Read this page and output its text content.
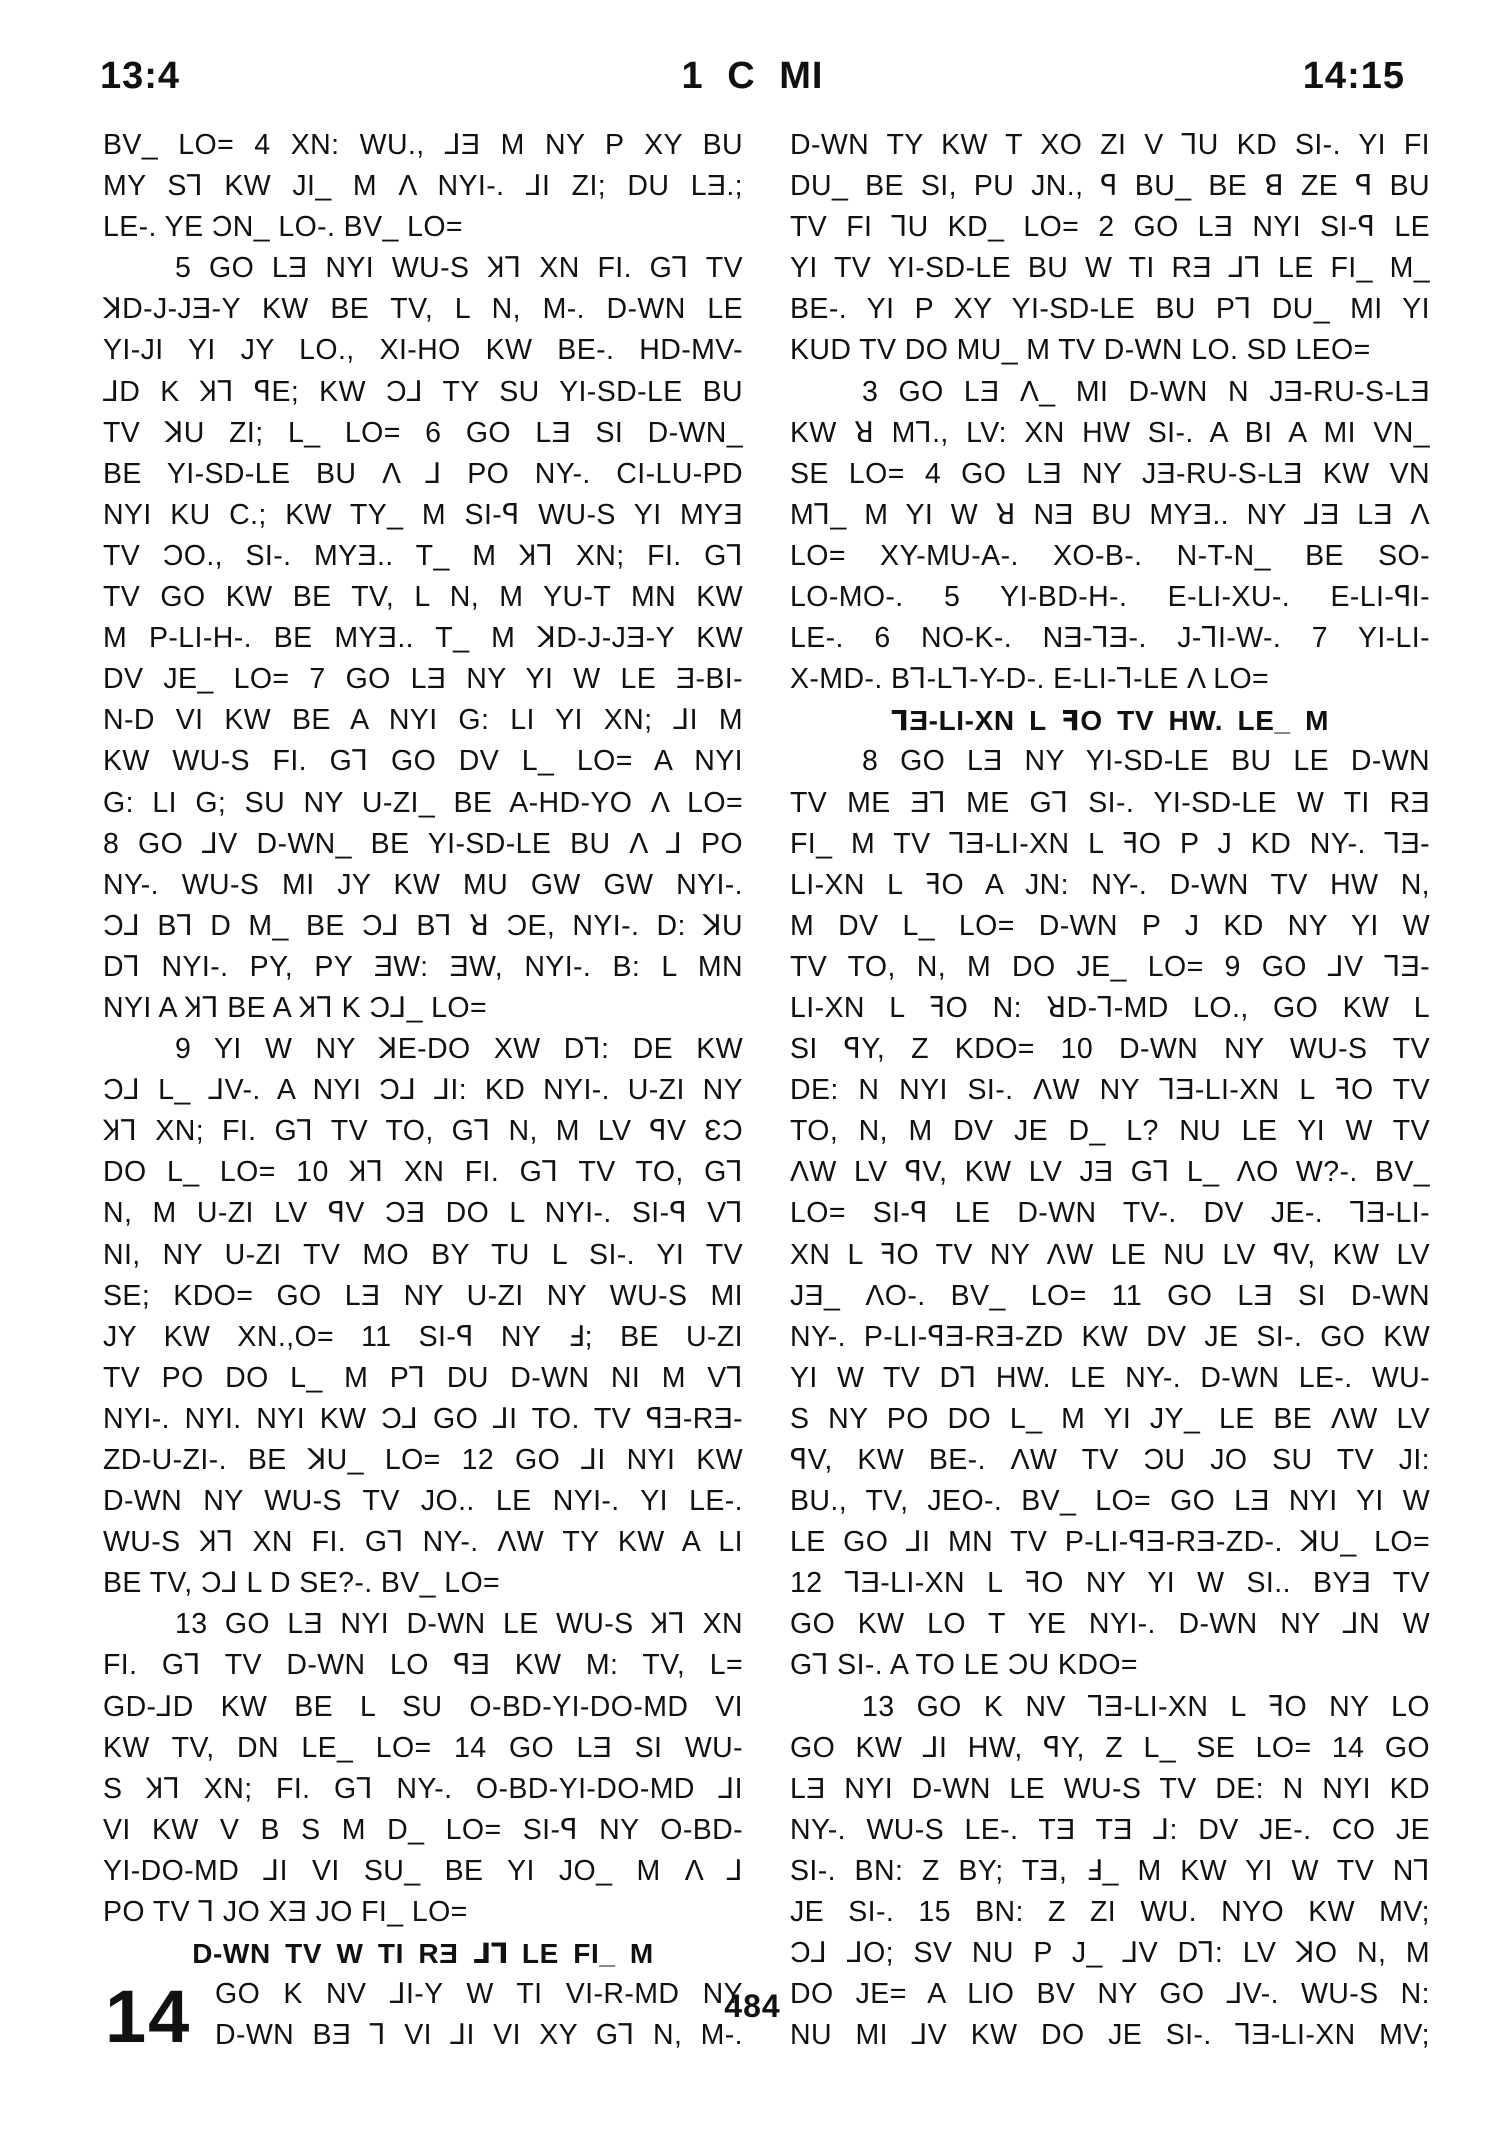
13:4	1 C MI	14:15
BV_ LO= 4 XN: WU., ⅃Ǝ M NY P XY BU
MY S⅂ KW JI_ M Λ NYI-. ⅃I ZI; DU LƎ.;
LE-. YE ƆN_ LO-. BV_ LO=
5 GO LƎ NYI WU-S Ʞ⅂ XN FI. G⅂ TV
ꓘD-J-JƎ-Y KW BE TV, L N, M-. D-WN LE
YI-JI YI JY LO., XI-HO KW BE-. HD-MV-
⅃D K Ʞ⅂ ꟼE; KW Ɔ⅃ TY SU YI-SD-LE BU
TV ꓘU ZI; L_ LO= 6 GO LƎ SI D-WN_
BE YI-SD-LE BU Λ ⅃ PO NY-. CI-LU-PD
NYI KU C.; KW TY_ M SI-ꟼ WU-S YI MYƎ
TV ƆO., SI-. MYƎ.. T_ M Ʞ⅂ XN; FI. G⅂
TV GO KW BE TV, L N, M YU-T MN KW
M P-LI-H-. BE MYƎ.. T_ M ꓘD-J-JƎ-Y KW
DV JE_ LO= 7 GO LƎ NY YI W LE Ǝ-BI-
N-D VI KW BE A NYI G: LI YI XN; ⅃I M
KW WU-S FI. G⅂ GO DV L_ LO= A NYI
G: LI G; SU NY U-ZI_ BE A-HD-YO Λ LO=
8 GO ⅃V D-WN_ BE YI-SD-LE BU Λ ⅃ PO
NY-. WU-S MI JY KW MU GW GW NYI-.
Ɔ⅃ B⅂ D M_ BE Ɔ⅃ B⅂ ꓤ ƆE, NYI-. D: ꓘU
D⅂ NYI-. PY, PY ƎW: ƎW, NYI-. B: L MN
NYI A Ʞ⅂ BE A Ʞ⅂ K Ɔ⅃_ LO=
9 YI W NY ꓘE-DO XW D⅂: DE KW
Ɔ⅃ L_ ⅃V-. A NYI Ɔ⅃ ⅃I: KD NYI-. U-ZI NY
Ʞ⅂ XN; FI. G⅂ TV TO, G⅂ N, M LV ꟼV ƐƆ
DO L_ LO= 10 Ʞ⅂ XN FI. G⅂ TV TO, G⅂
N, M U-ZI LV ꟼV ƆƎ DO L NYI-. SI-ꟼ V⅂
NI, NY U-ZI TV MO BY TU L SI-. YI TV
SE; KDO= GO LƎ NY U-ZI NY WU-S MI
JY KW XN.,O= 11 SI-ꟼ NY Ⅎ; BE U-ZI
TV PO DO L_ M P⅂ DU D-WN NI M V⅂
NYI-. NYI. NYI KW Ɔ⅃ GO ⅃I TO. TV ꟼƎ-RƎ-
ZD-U-ZI-. BE ꓘU_ LO= 12 GO ⅃I NYI KW
D-WN NY WU-S TV JO.. LE NYI-. YI LE-.
WU-S Ʞ⅂ XN FI. G⅂ NY-. ΛW TY KW A LI
BE TV, Ɔ⅃ L D SE?-. BV_ LO=
13 GO LƎ NYI D-WN LE WU-S Ʞ⅂ XN
FI. G⅂ TV D-WN LO ꟼƎ KW M: TV, L=
GD-⅃D KW BE L SU O-BD-YI-DO-MD VI
KW TV, DN LE_ LO= 14 GO LƎ SI WU-
S Ʞ⅂ XN; FI. G⅂ NY-. O-BD-YI-DO-MD ⅃I
VI KW V B S M D_ LO= SI-ꟼ NY O-BD-
YI-DO-MD ⅃I VI SU_ BE YI JO_ M Λ ⅃
PO TV ⅂ JO XƎ JO FI_ LO=
D-WN TV W TI RƎ ⅃⅂ LE FI_ M
14 GO K NV ⅃I-Y W TI VI-R-MD NY
D-WN BƎ ⅂ VI ⅃I VI XY G⅂ N, M-.
D-WN TY KW T XO ZI V ꞀU KD SI-. YI FI
DU_ BE SI, PU JN., ꟼ BU_ BE ꓭ ZE ꟼ BU
TV FI ꞀU KD_ LO= 2 GO LƎ NYI SI-ꟼ LE
YI TV YI-SD-LE BU W TI RƎ ⅃⅂ LE FI_ M_
BE-. YI P XY YI-SD-LE BU P⅂ DU_ MI YI
KUD TV DO MU_ M TV D-WN LO. SD LEO=
3 GO LƎ Λ_ MI D-WN N JƎ-RU-S-LƎ
KW ꓤ M⅂., LV: XN HW SI-. A BI A MI VN_
SE LO= 4 GO LƎ NY JƎ-RU-S-LƎ KW VN
M⅂_ M YI W ꓤ NƎ BU MYƎ.. NY ⅃Ǝ LƎ Λ
LO= XY-MU-A-. XO-B-. N-T-N_ BE SO-
LO-MO-. 5 YI-BD-H-. E-LI-XU-. E-LI-ꟼI-
LE-. 6 NO-K-. NƎ-ꞀƎ-. J-ꞀI-W-. 7 YI-LI-
X-MD-. B⅂-L⅂-Y-D-. E-LI-Ꞁ-LE Λ LO=
ꞀƎ-LI-XN L ꟻO TV HW. LE_ M
8 GO LƎ NY YI-SD-LE BU LE D-WN
TV ME Ǝ⅂ ME G⅂ SI-. YI-SD-LE W TI RƎ
FI_ M TV ꞀƎ-LI-XN L ꟻO P J KD NY-. ꞀƎ-
LI-XN L ꟻO A JN: NY-. D-WN TV HW N,
M DV L_ LO= D-WN P J KD NY YI W
TV TO, N, M DO JE_ LO= 9 GO ⅃V ꞀƎ-
LI-XN L ꟻO N: ꓤD-Ꞁ-MD LO., GO KW L
SI ꟼY, Z KDO= 10 D-WN NY WU-S TV
DE: N NYI SI-. ΛW NY ꞀƎ-LI-XN L ꟻO TV
TO, N, M DV JE D_ L? NU LE YI W TV
ΛW LV ꟼV, KW LV JƎ G⅂ L_ ΛO W?-. BV_
LO= SI-ꟼ LE D-WN TV-. DV JE-. ꞀƎ-LI-
XN L ꟻO TV NY ΛW LE NU LV ꟼV, KW LV
JƎ_ ΛO-. BV_ LO= 11 GO LƎ SI D-WN
NY-. P-LI-ꟼƎ-RƎ-ZD KW DV JE SI-. GO KW
YI W TV D⅂ HW. LE NY-. D-WN LE-. WU-
S NY PO DO L_ M YI JY_ LE BE ΛW LV
ꟼV, KW BE-. ΛW TV ƆU JO SU TV JI:
BU., TV, JEO-. BV_ LO= GO LƎ NYI YI W
LE GO ⅃I MN TV P-LI-ꟼƎ-RƎ-ZD-. ꓘU_ LO=
12 ꞀƎ-LI-XN L ꟻO NY YI W SI.. BYƎ TV
GO KW LO T YE NYI-. D-WN NY ⅃N W
G⅂ SI-. A TO LE ƆU KDO=
13 GO K NV ꞀƎ-LI-XN L ꟻO NY LO
GO KW ⅃I HW, ꟼY, Z L_ SE LO= 14 GO
LƎ NYI D-WN LE WU-S TV DE: N NYI KD
NY-. WU-S LE-. TƎ TƎ ⅃: DV JE-. CO JE
SI-. BN: Z BY; TƎ, Ⅎ_ M KW YI W TV N⅂
JE SI-. 15 BN: Z ZI WU. NYO KW MV;
Ɔ⅃ ⅃O; SV NU P J_ ⅃V D⅂: LV ꓘO N, M
DO JE= A LIO BV NY GO ⅃V-. WU-S N:
NU MI ⅃V KW DO JE SI-. ꞀƎ-LI-XN MV;
484
